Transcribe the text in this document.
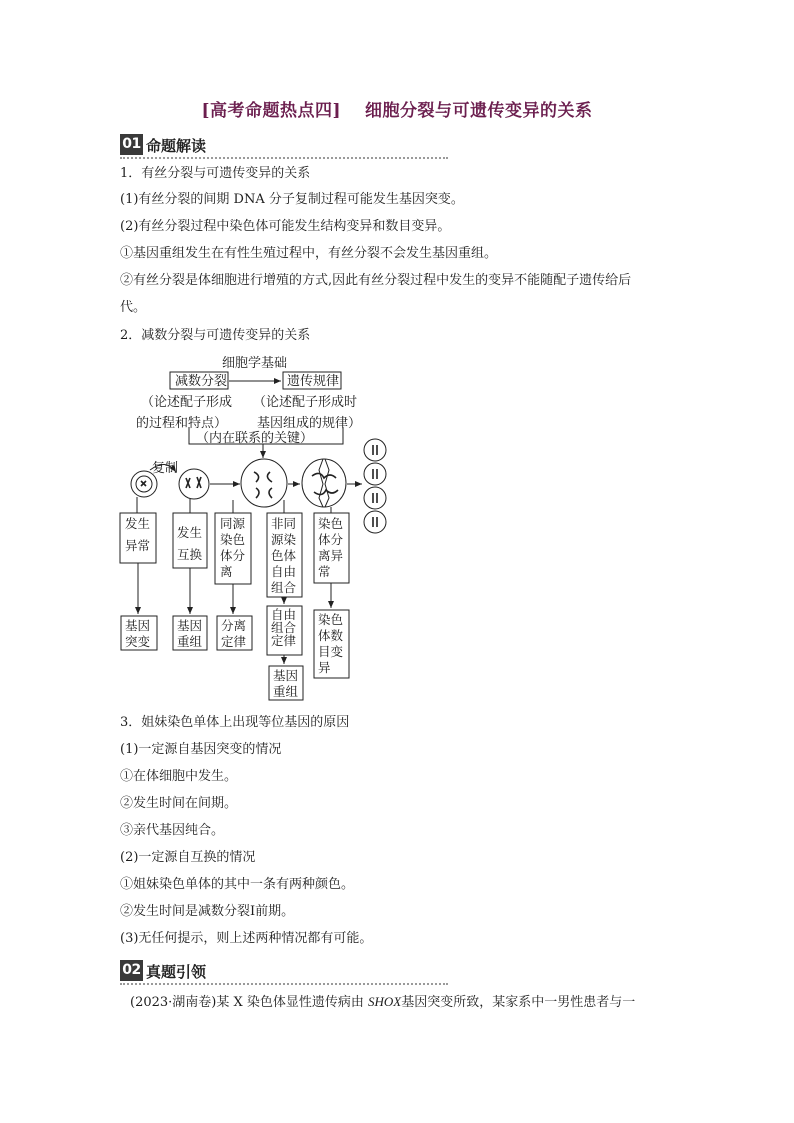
[高考命题热点四] 细胞分裂与可遗传变异的关系
01 命题解读
1．有丝分裂与可遗传变异的关系
(1)有丝分裂的间期 DNA 分子复制过程可能发生基因突变。
(2)有丝分裂过程中染色体可能发生结构变异和数目变异。
①基因重组发生在有性生殖过程中，有丝分裂不会发生基因重组。
②有丝分裂是体细胞进行增殖的方式,因此有丝分裂过程中发生的变异不能随配子遗传给后
代。
2．减数分裂与可遗传变异的关系
细胞学基础
减数分裂	遗传规律
（论述配子形成
的过程和特点）
（论述配子形成时
基因组成的规律）
（内在联系的关键）
复制
发生
异常
发生
互换
同源
染色
体分
离
非同
源染
色体
自由
组合
染色
体分
离异
常
基因
突变
基因
重组
分离
定律
自由
组合
定律
基因
重组
染色
体数
目变
异
3．姐妹染色单体上出现等位基因的原因
(1)一定源自基因突变的情况
①在体细胞中发生。
②发生时间在间期。
③亲代基因纯合。
(2)一定源自互换的情况
①姐妹染色单体的其中一条有两种颜色。
②发生时间是减数分裂Ⅰ前期。
(3)无任何提示，则上述两种情况都有可能。
02 真题引领
(2023·湖南卷)某 X 染色体显性遗传病由 SHOX基因突变所致，某家系中一男性患者与一
